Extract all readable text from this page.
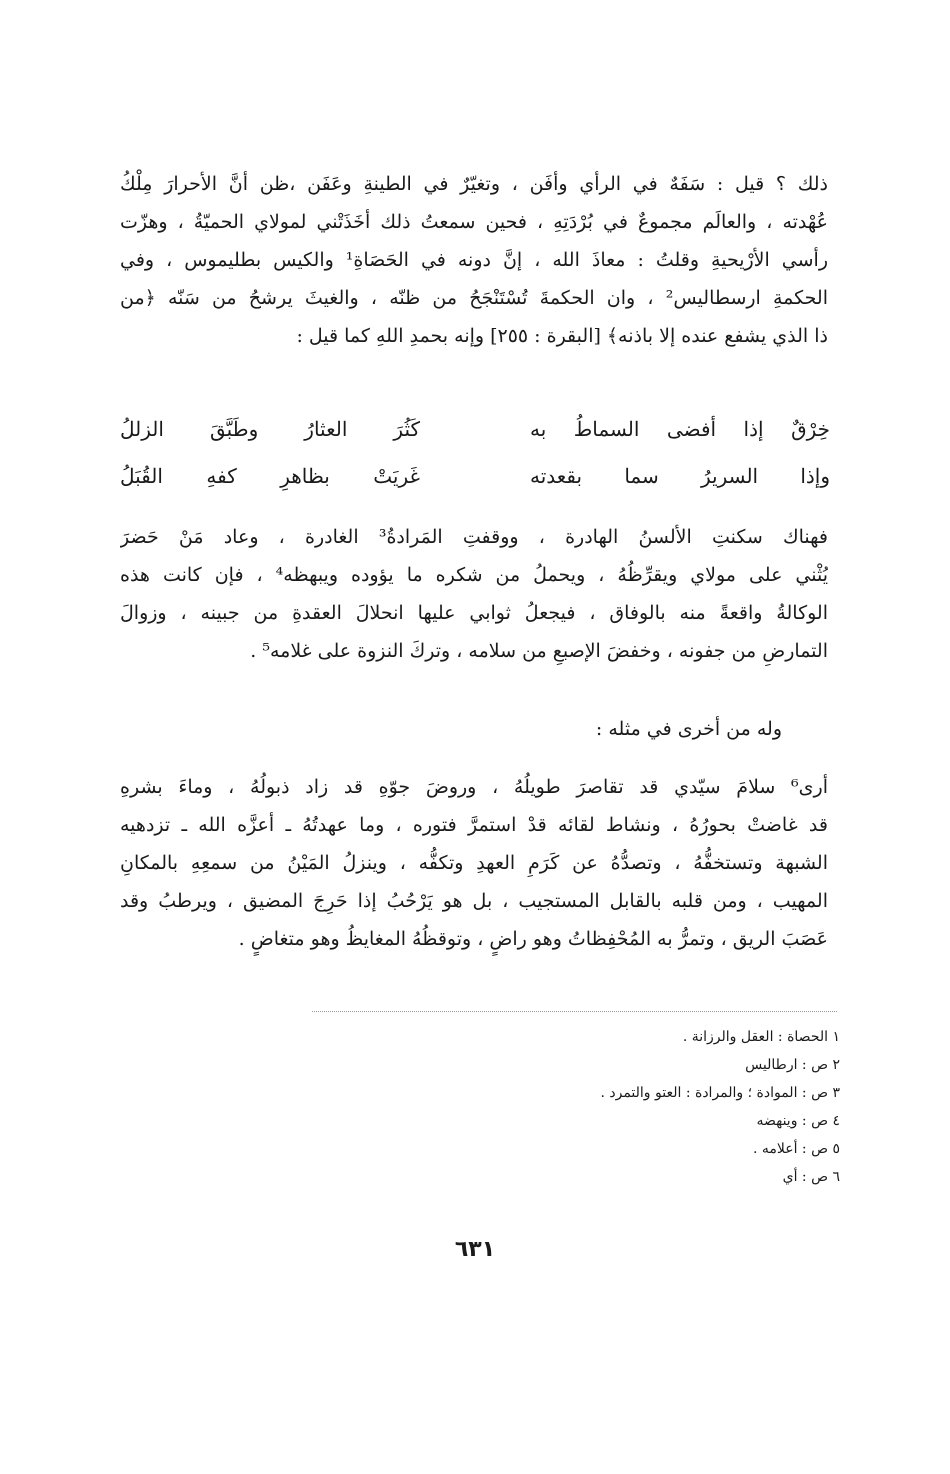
ذلك ؟ قيل : سَفَهٌ في الرأي وأفَن ، وتغيّرٌ في الطينةِ وعَفَن ،ظن أنَّ الأحرارَ مِلْكُ
عُهْدته ، والعالَم مجموعٌ في بُرْدَتِهِ ، فحين سمعتُ ذلك أخَذَتْني لمولاي الحميّةُ ، وهزّت
رأسي الأرْيحيةِ وقلتُ : معاذَ الله ، إنَّ دونه في الحَصَاةِ¹ والكيس بطليموس ، وفي
الحكمةِ ارسطاليس² ، وان الحكمةَ تُسْتَنْجَحُ من ظنّه ، والغيثَ يرشحُ من سَنّه ﴿من
ذا الذي يشفع عنده إلا باذنه﴾ [البقرة : ٢٥٥] وإنه بحمدِ اللهِ كما قيل :
خِرْقٌ إذا أفضى السماطُ به
كَثُرَ العثارُ وطَبَّقَ الزللُ
وإذا السريرُ سما بقعدته
غَريَتْ بظاهرِ كفهِ القُبَلُ
فهناك سكنتِ الألسنُ الهادرة ، ووقفتِ المَرادةُ³ الغادرة ، وعاد مَنْ حَضرَ
يُثْني على مولاي ويقرِّظُهُ ، ويحملُ من شكره ما يؤوده ويبهظه⁴ ، فإن كانت هذه
الوكالةُ واقعةً منه بالوفاق ، فيجعلُ ثوابي عليها انحلالَ العقدةِ من جبينه ، وزوالَ
التمارضِ من جفونه ، وخفضَ الإصبعِ من سلامه ، وتركَ النزوة على غلامه⁵ .
وله من أخرى في مثله :
أرى⁶ سلامَ سيّدي قد تقاصرَ طويلُهُ ، وروضَ جوّهِ قد زاد ذبولُهُ ، وماءَ بشرهِ
قد غاضتْ بحورُهُ ، ونشاط لقائه قدْ استمرَّ فتوره ، وما عهدتُهُ ـ أعزَّه الله ـ تزدهيه
الشبهة وتستخفُّهُ ، وتصدُّهُ عن كَرَمِ العهدِ وتكفُّه ، وينزلُ المَيْنُ من سمعِهِ بالمكانِ
المهيب ، ومن قلبه بالقابل المستجيب ، بل هو يَرْحُبُ إذا حَرِجَ المضيق ، ويرطبُ وقد
عَصَبَ الريق ، وتمرُّ به المُحْفِظاتُ وهو راضٍ ، وتوقظُهُ المغايظُ وهو متغاضٍ .
١ الحصاة : العقل والرزانة .
٢ ص : ارطاليس
٣ ص : الموادة ؛ والمرادة : العتو والتمرد .
٤ ص : وينهضه
٥ ص : أعلامه .
٦ ص : أي
٦٣١
